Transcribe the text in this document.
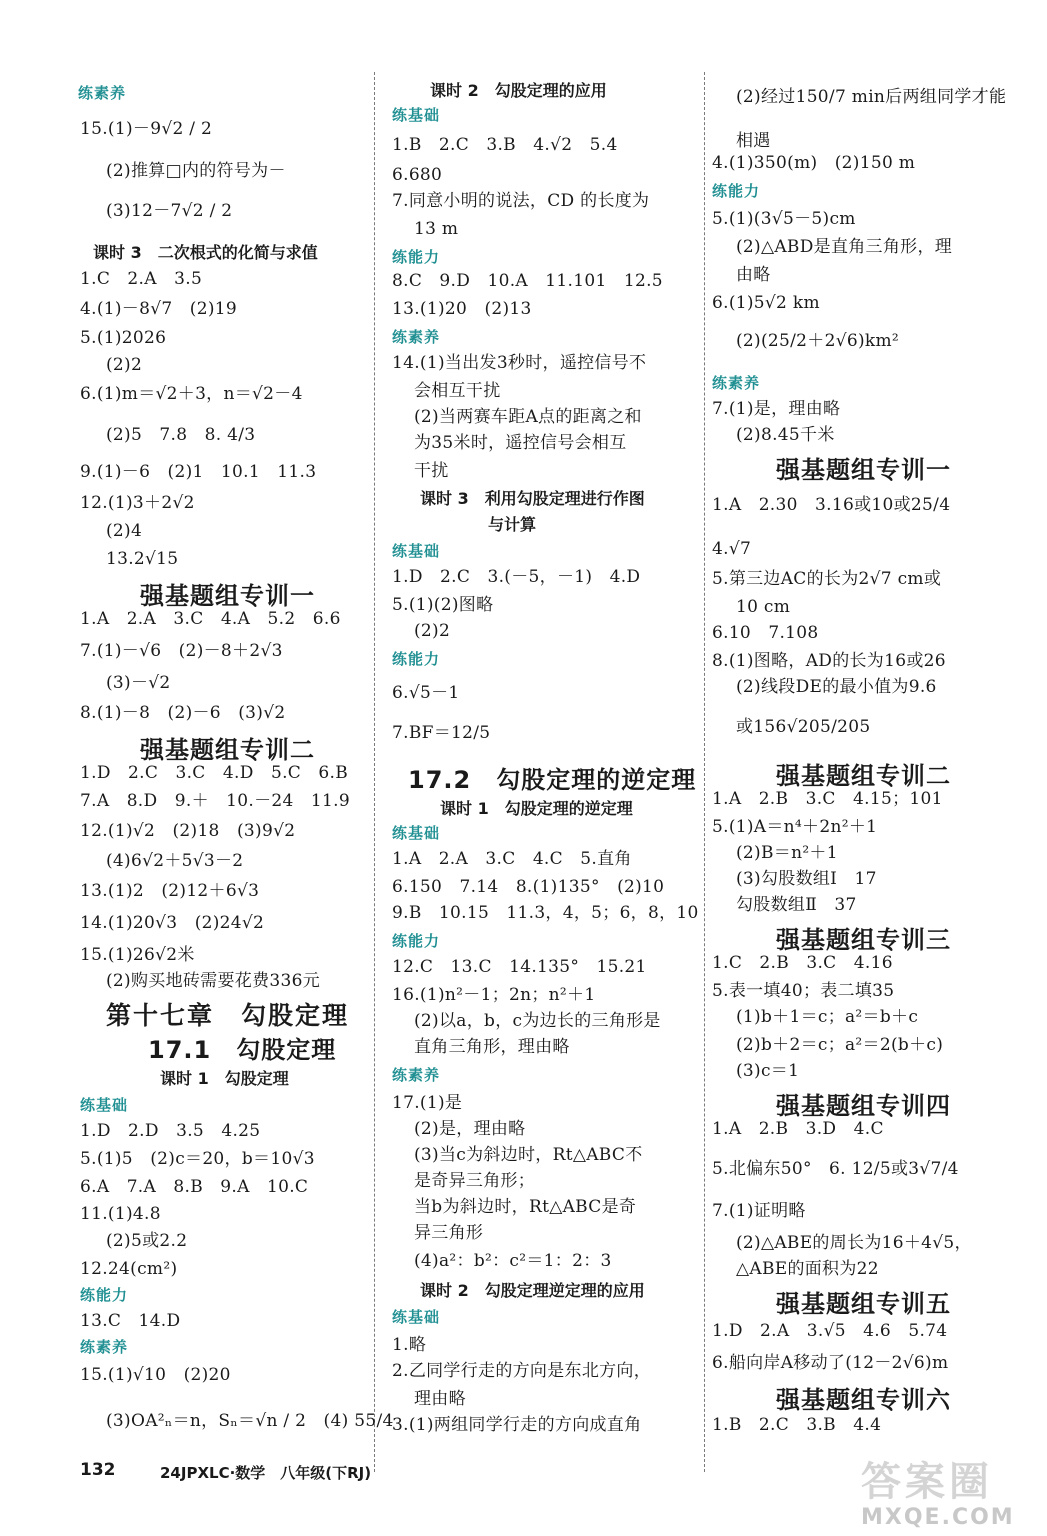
练素养
15.(1)－9√2 / 2
(2)推算□内的符号为－
(3)12－7√2 / 2
课时 3　二次根式的化简与求值
1.C　2.A　3.5
4.(1)－8√7　(2)19
5.(1)2026
(2)2
6.(1)m＝√2＋3，n＝√2－4
(2)5　7.8　8. 4/3
9.(1)－6　(2)1　10.1　11.3
12.(1)3＋2√2
(2)4
13.2√15
强基题组专训一
1.A　2.A　3.C　4.A　5.2　6.6
7.(1)－√6　(2)－8＋2√3
(3)－√2
8.(1)－8　(2)－6　(3)√2
强基题组专训二
1.D　2.C　3.C　4.D　5.C　6.B
7.A　8.D　9.＋　10.－24　11.9
12.(1)√2　(2)18　(3)9√2
(4)6√2＋5√3－2
13.(1)2　(2)12＋6√3
14.(1)20√3　(2)24√2
15.(1)26√2米
(2)购买地砖需要花费336元
第十七章　勾股定理
17.1　勾股定理
课时 1　勾股定理
练基础
1.D　2.D　3.5　4.25
5.(1)5　(2)c＝20，b＝10√3
6.A　7.A　8.B　9.A　10.C
11.(1)4.8
(2)5或2.2
12.24(cm²)
练能力
13.C　14.D
练素养
15.(1)√10　(2)20
(3)OA²ₙ＝n，Sₙ＝√n / 2　(4) 55/4
课时 2　勾股定理的应用
练基础
1.B　2.C　3.B　4.√2　5.4
6.680
7.同意小明的说法，CD 的长度为
13 m
练能力
8.C　9.D　10.A　11.101　12.5
13.(1)20　(2)13
练素养
14.(1)当出发3秒时，遥控信号不
会相互干扰
(2)当两赛车距A点的距离之和
为35米时，遥控信号会相互
干扰
课时 3　利用勾股定理进行作图
与计算
练基础
1.D　2.C　3.(－5，－1)　4.D
5.(1)(2)图略
(2)2
练能力
6.√5－1
7.BF＝12/5
17.2　勾股定理的逆定理
课时 1　勾股定理的逆定理
练基础
1.A　2.A　3.C　4.C　5.直角
6.150　7.14　8.(1)135°　(2)10
9.B　10.15　11.3，4，5；6，8，10
练能力
12.C　13.C　14.135°　15.21
16.(1)n²－1；2n；n²＋1
(2)以a，b，c为边长的三角形是
直角三角形，理由略
练素养
17.(1)是
(2)是，理由略
(3)当c为斜边时，Rt△ABC不
是奇异三角形；
当b为斜边时，Rt△ABC是奇
异三角形
(4)a²：b²：c²＝1：2：3
课时 2　勾股定理逆定理的应用
练基础
1.略
2.乙同学行走的方向是东北方向，
理由略
3.(1)两组同学行走的方向成直角
(2)经过150/7 min后两组同学才能
相遇
4.(1)350(m)　(2)150 m
练能力
5.(1)(3√5－5)cm
(2)△ABD是直角三角形，理
由略
6.(1)5√2 km
(2)(25/2＋2√6)km²
练素养
7.(1)是，理由略
(2)8.45千米
强基题组专训一
1.A　2.30　3.16或10或25/4
4.√7
5.第三边AC的长为2√7 cm或
10 cm
6.10　7.108
8.(1)图略，AD的长为16或26
(2)线段DE的最小值为9.6
或156√205/205
强基题组专训二
1.A　2.B　3.C　4.15；101
5.(1)A＝n⁴＋2n²＋1
(2)B＝n²＋1
(3)勾股数组Ⅰ　17
勾股数组Ⅱ　37
强基题组专训三
1.C　2.B　3.C　4.16
5.表一填40；表二填35
(1)b＋1＝c；a²＝b＋c
(2)b＋2＝c；a²＝2(b＋c)
(3)c＝1
强基题组专训四
1.A　2.B　3.D　4.C
5.北偏东50°　6. 12/5或3√7/4
7.(1)证明略
(2)△ABE的周长为16＋4√5，
△ABE的面积为22
强基题组专训五
1.D　2.A　3.√5　4.6　5.74
6.船向岸A移动了(12－2√6)m
强基题组专训六
1.B　2.C　3.B　4.4
132	24JPXLC·数学　八年级(下RJ)	答案圈
MXQE.COM
